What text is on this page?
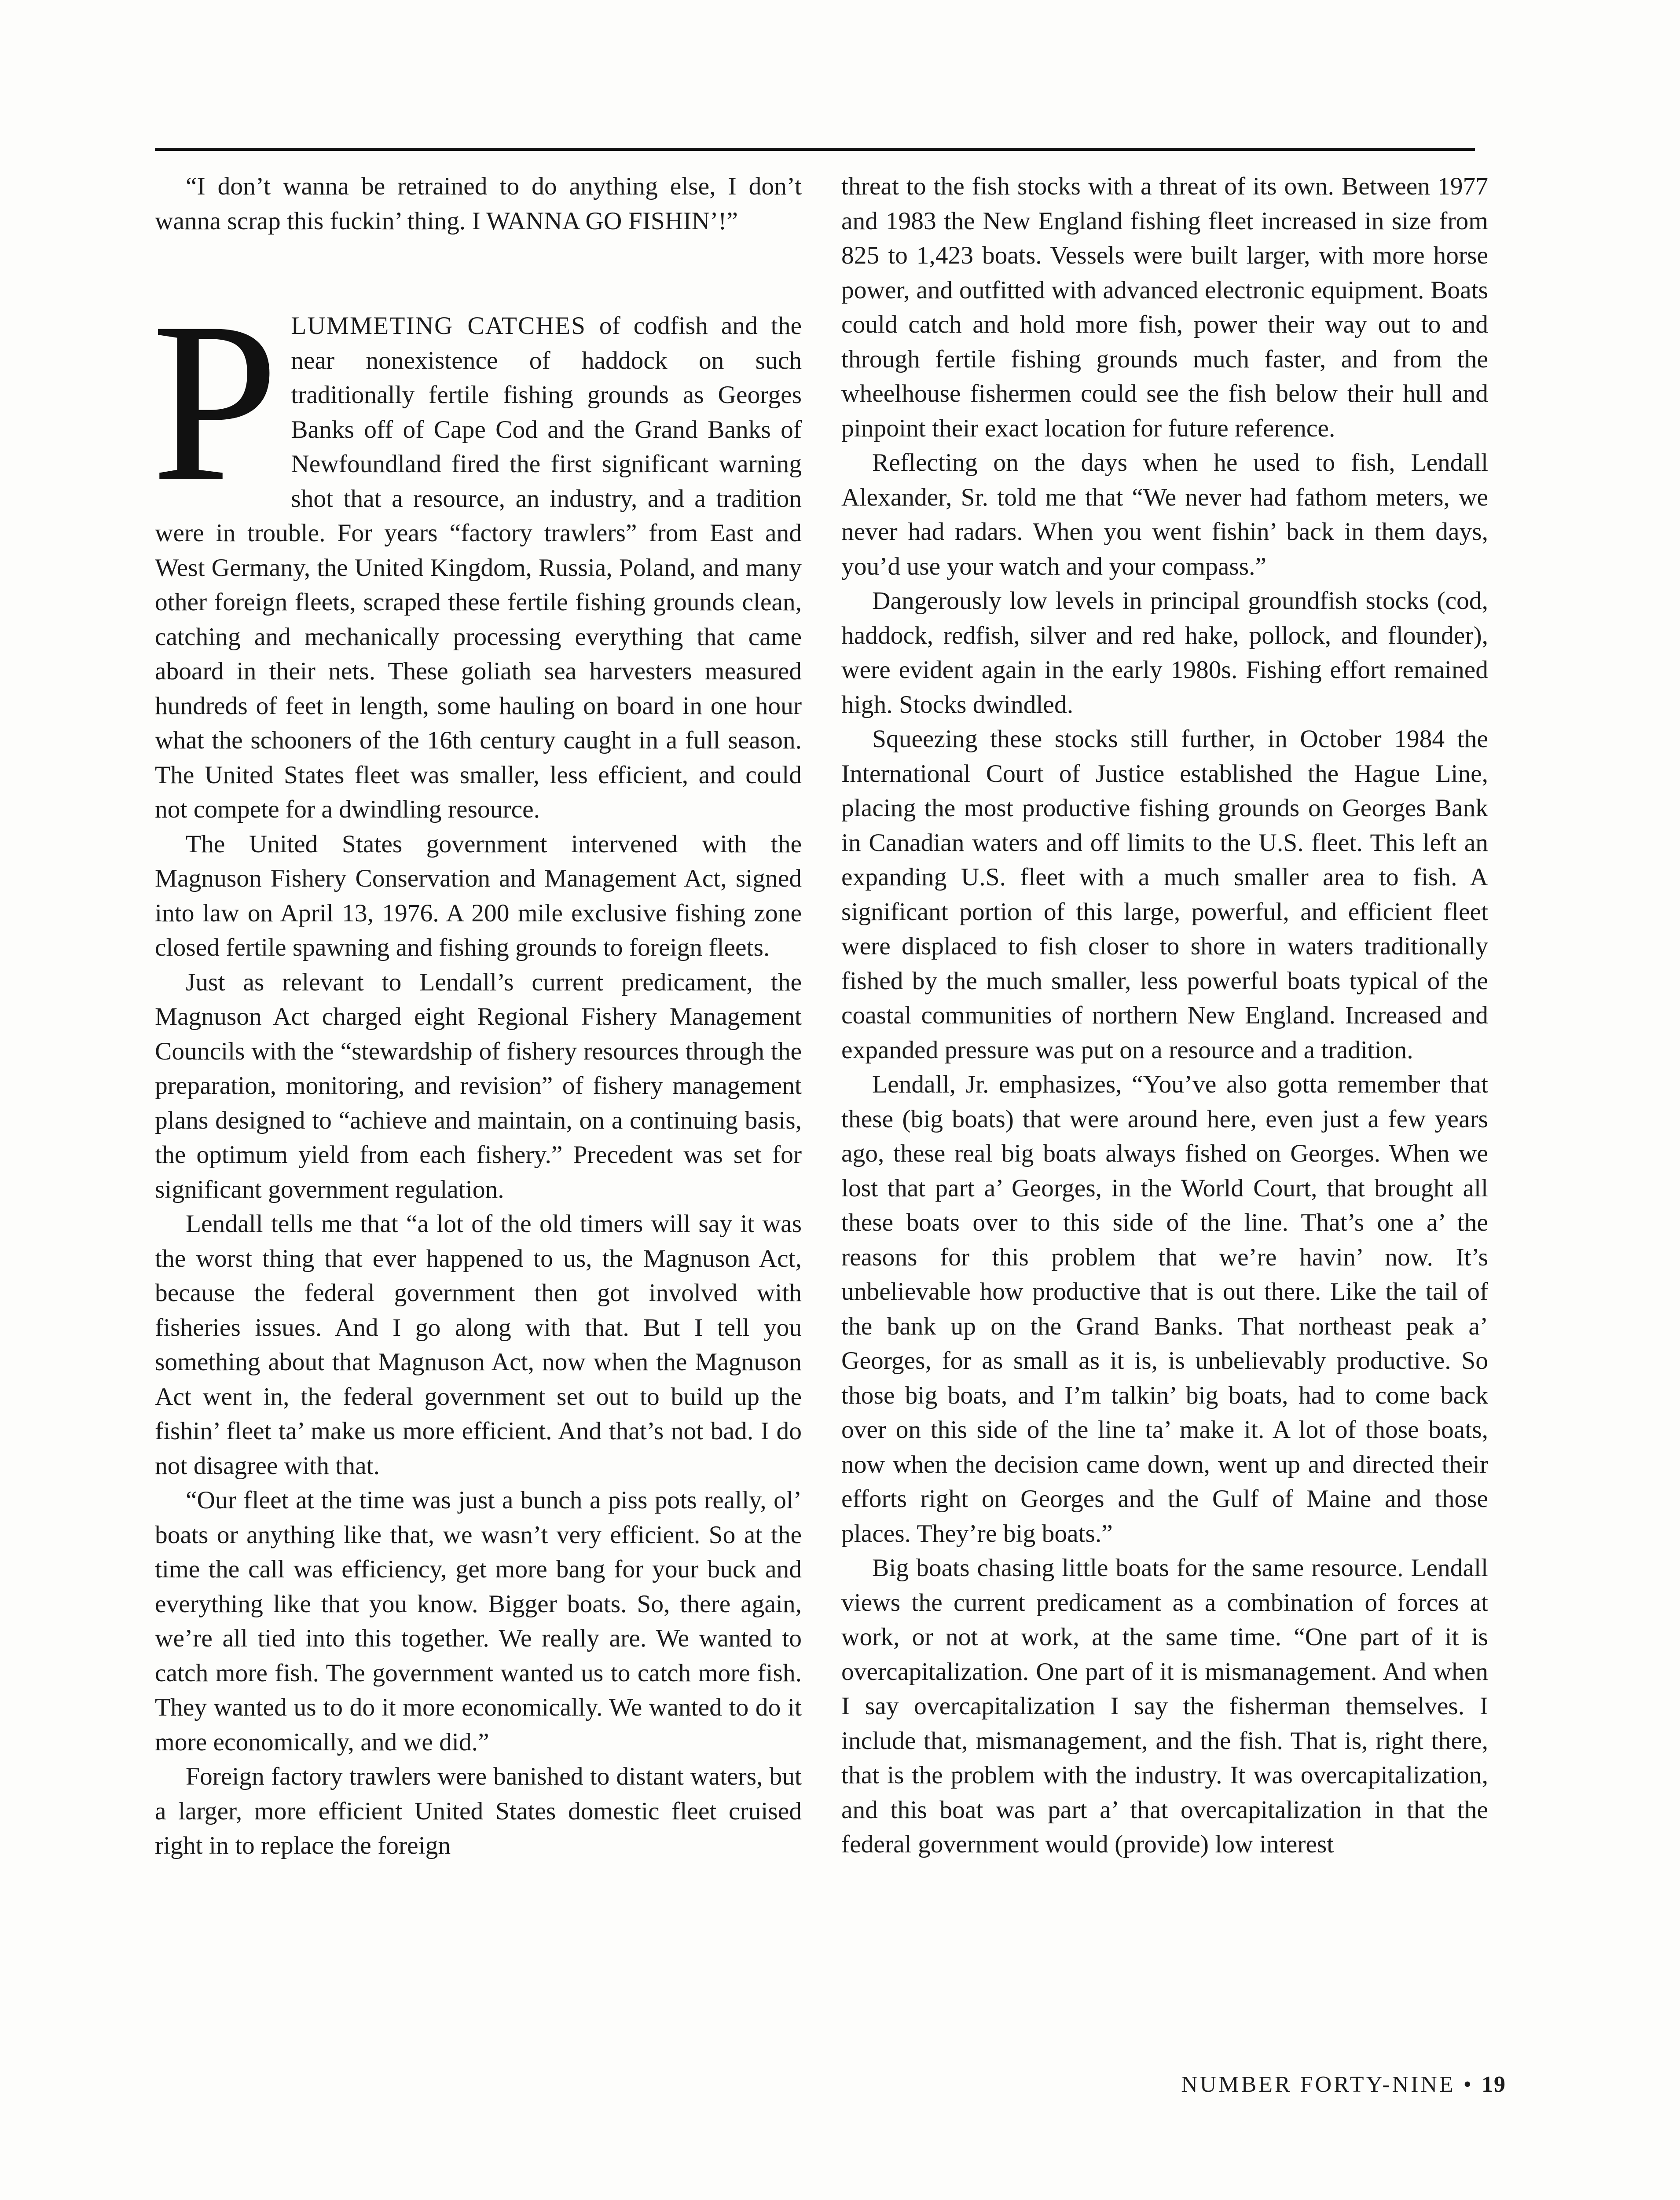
“I don’t wanna be retrained to do anything else, I don’t wanna scrap this fuckin’ thing. I WANNA GO FISHIN’!”

PLUMMETING CATCHES of codfish and the near nonexistence of haddock on such traditionally fertile fishing grounds as Georges Banks off of Cape Cod and the Grand Banks of Newfoundland fired the first significant warning shot that a resource, an industry, and a tradition were in trouble. For years “factory trawlers” from East and West Germany, the United Kingdom, Russia, Poland, and many other foreign fleets, scraped these fertile fishing grounds clean, catching and mechanically processing everything that came aboard in their nets. These goliath sea harvesters measured hundreds of feet in length, some hauling on board in one hour what the schooners of the 16th century caught in a full season. The United States fleet was smaller, less efficient, and could not compete for a dwindling resource.

The United States government intervened with the Magnuson Fishery Conservation and Management Act, signed into law on April 13, 1976. A 200 mile exclusive fishing zone closed fertile spawning and fishing grounds to foreign fleets.

Just as relevant to Lendall’s current predicament, the Magnuson Act charged eight Regional Fishery Management Councils with the “stewardship of fishery resources through the preparation, monitoring, and revision” of fishery management plans designed to “achieve and maintain, on a continuing basis, the optimum yield from each fishery.” Precedent was set for significant government regulation.

Lendall tells me that “a lot of the old timers will say it was the worst thing that ever happened to us, the Magnuson Act, because the federal government then got involved with fisheries issues. And I go along with that. But I tell you something about that Magnuson Act, now when the Magnuson Act went in, the federal government set out to build up the fishin’ fleet ta’ make us more efficient. And that’s not bad. I do not disagree with that.

“Our fleet at the time was just a bunch a piss pots really, ol’ boats or anything like that, we wasn’t very efficient. So at the time the call was efficiency, get more bang for your buck and everything like that you know. Bigger boats. So, there again, we’re all tied into this together. We really are. We wanted to catch more fish. The government wanted us to catch more fish. They wanted us to do it more economically. We wanted to do it more economically, and we did.”

Foreign factory trawlers were banished to distant waters, but a larger, more efficient United States domestic fleet cruised right in to replace the foreign

threat to the fish stocks with a threat of its own. Between 1977 and 1983 the New England fishing fleet increased in size from 825 to 1,423 boats. Vessels were built larger, with more horse power, and outfitted with advanced electronic equipment. Boats could catch and hold more fish, power their way out to and through fertile fishing grounds much faster, and from the wheelhouse fishermen could see the fish below their hull and pinpoint their exact location for future reference.

Reflecting on the days when he used to fish, Lendall Alexander, Sr. told me that “We never had fathom meters, we never had radars. When you went fishin’ back in them days, you’d use your watch and your compass.”

Dangerously low levels in principal groundfish stocks (cod, haddock, redfish, silver and red hake, pollock, and flounder), were evident again in the early 1980s. Fishing effort remained high. Stocks dwindled.

Squeezing these stocks still further, in October 1984 the International Court of Justice established the Hague Line, placing the most productive fishing grounds on Georges Bank in Canadian waters and off limits to the U.S. fleet. This left an expanding U.S. fleet with a much smaller area to fish. A significant portion of this large, powerful, and efficient fleet were displaced to fish closer to shore in waters traditionally fished by the much smaller, less powerful boats typical of the coastal communities of northern New England. Increased and expanded pressure was put on a resource and a tradition.

Lendall, Jr. emphasizes, “You’ve also gotta remember that these (big boats) that were around here, even just a few years ago, these real big boats always fished on Georges. When we lost that part a’ Georges, in the World Court, that brought all these boats over to this side of the line. That’s one a’ the reasons for this problem that we’re havin’ now. It’s unbelievable how productive that is out there. Like the tail of the bank up on the Grand Banks. That northeast peak a’ Georges, for as small as it is, is unbelievably productive. So those big boats, and I’m talkin’ big boats, had to come back over on this side of the line ta’ make it. A lot of those boats, now when the decision came down, went up and directed their efforts right on Georges and the Gulf of Maine and those places. They’re big boats.”

Big boats chasing little boats for the same resource. Lendall views the current predicament as a combination of forces at work, or not at work, at the same time. “One part of it is overcapitalization. One part of it is mismanagement. And when I say overcapitalization I say the fisherman themselves. I include that, mismanagement, and the fish. That is, right there, that is the problem with the industry. It was overcapitalization, and this boat was part a’ that overcapitalization in that the federal government would (provide) low interest

NUMBER FORTY-NINE • 19
